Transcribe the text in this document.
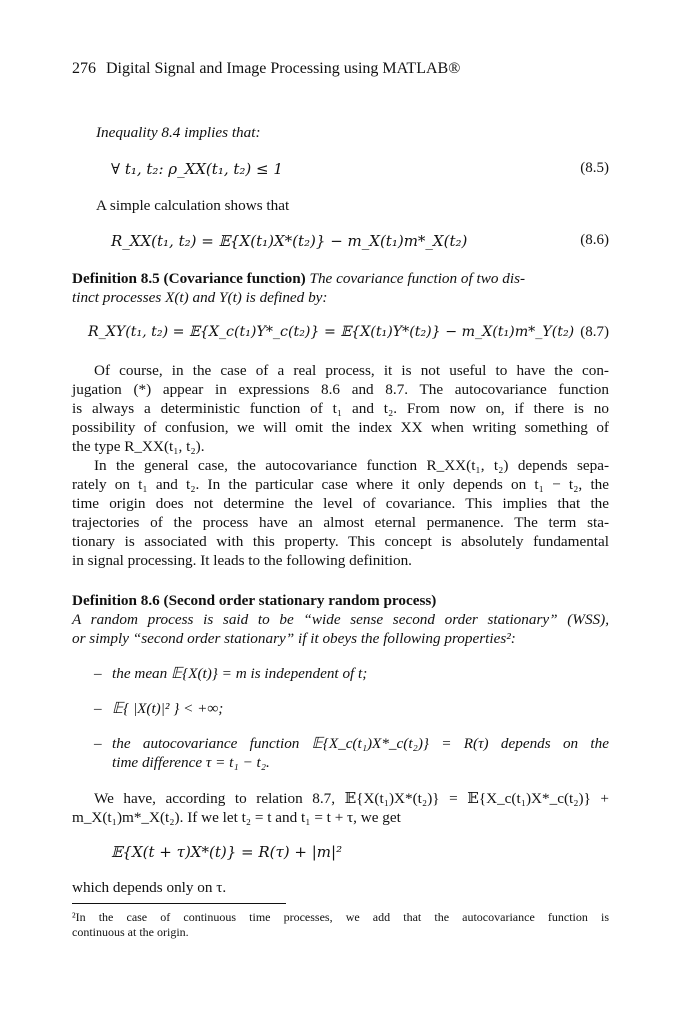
276 Digital Signal and Image Processing using MATLAB®
Inequality 8.4 implies that:
∀ t₁, t₂: ρ_XX(t₁, t₂) ≤ 1	(8.5)
A simple calculation shows that
R_XX(t₁, t₂) = 𝔼{X(t₁)X*(t₂)} − m_X(t₁)m*_X(t₂)	(8.6)
Definition 8.5 (Covariance function) The covariance function of two dis-
tinct processes X(t) and Y(t) is defined by:
R_XY(t₁, t₂) = 𝔼{X_c(t₁)Y*_c(t₂)} = 𝔼{X(t₁)Y*(t₂)} − m_X(t₁)m*_Y(t₂) (8.7)
Of course, in the case of a real process, it is not useful to have the con-
jugation (*) appear in expressions 8.6 and 8.7. The autocovariance function
is always a deterministic function of t₁ and t₂. From now on, if there is no
possibility of confusion, we will omit the index XX when writing something of
the type R_XX(t₁, t₂).
In the general case, the autocovariance function R_XX(t₁, t₂) depends sepa-
rately on t₁ and t₂. In the particular case where it only depends on t₁ − t₂, the
time origin does not determine the level of covariance. This implies that the
trajectories of the process have an almost eternal permanence. The term sta-
tionary is associated with this property. This concept is absolutely fundamental
in signal processing. It leads to the following definition.
Definition 8.6 (Second order stationary random process)
A random process is said to be “wide sense second order stationary” (WSS),
or simply “second order stationary” if it obeys the following properties²:
– the mean 𝔼{X(t)} = m is independent of t;
– 𝔼{ |X(t)|² } < +∞;
– the autocovariance function 𝔼{X_c(t₁)X*_c(t₂)} = R(τ) depends on the
time difference τ = t₁ − t₂.
We have, according to relation 8.7, 𝔼{X(t₁)X*(t₂)} = 𝔼{X_c(t₁)X*_c(t₂)} +
m_X(t₁)m*_X(t₂). If we let t₂ = t and t₁ = t + τ, we get
𝔼{X(t + τ)X*(t)} = R(τ) + |m|²
which depends only on τ.
²In the case of continuous time processes, we add that the autocovariance function is
continuous at the origin.
